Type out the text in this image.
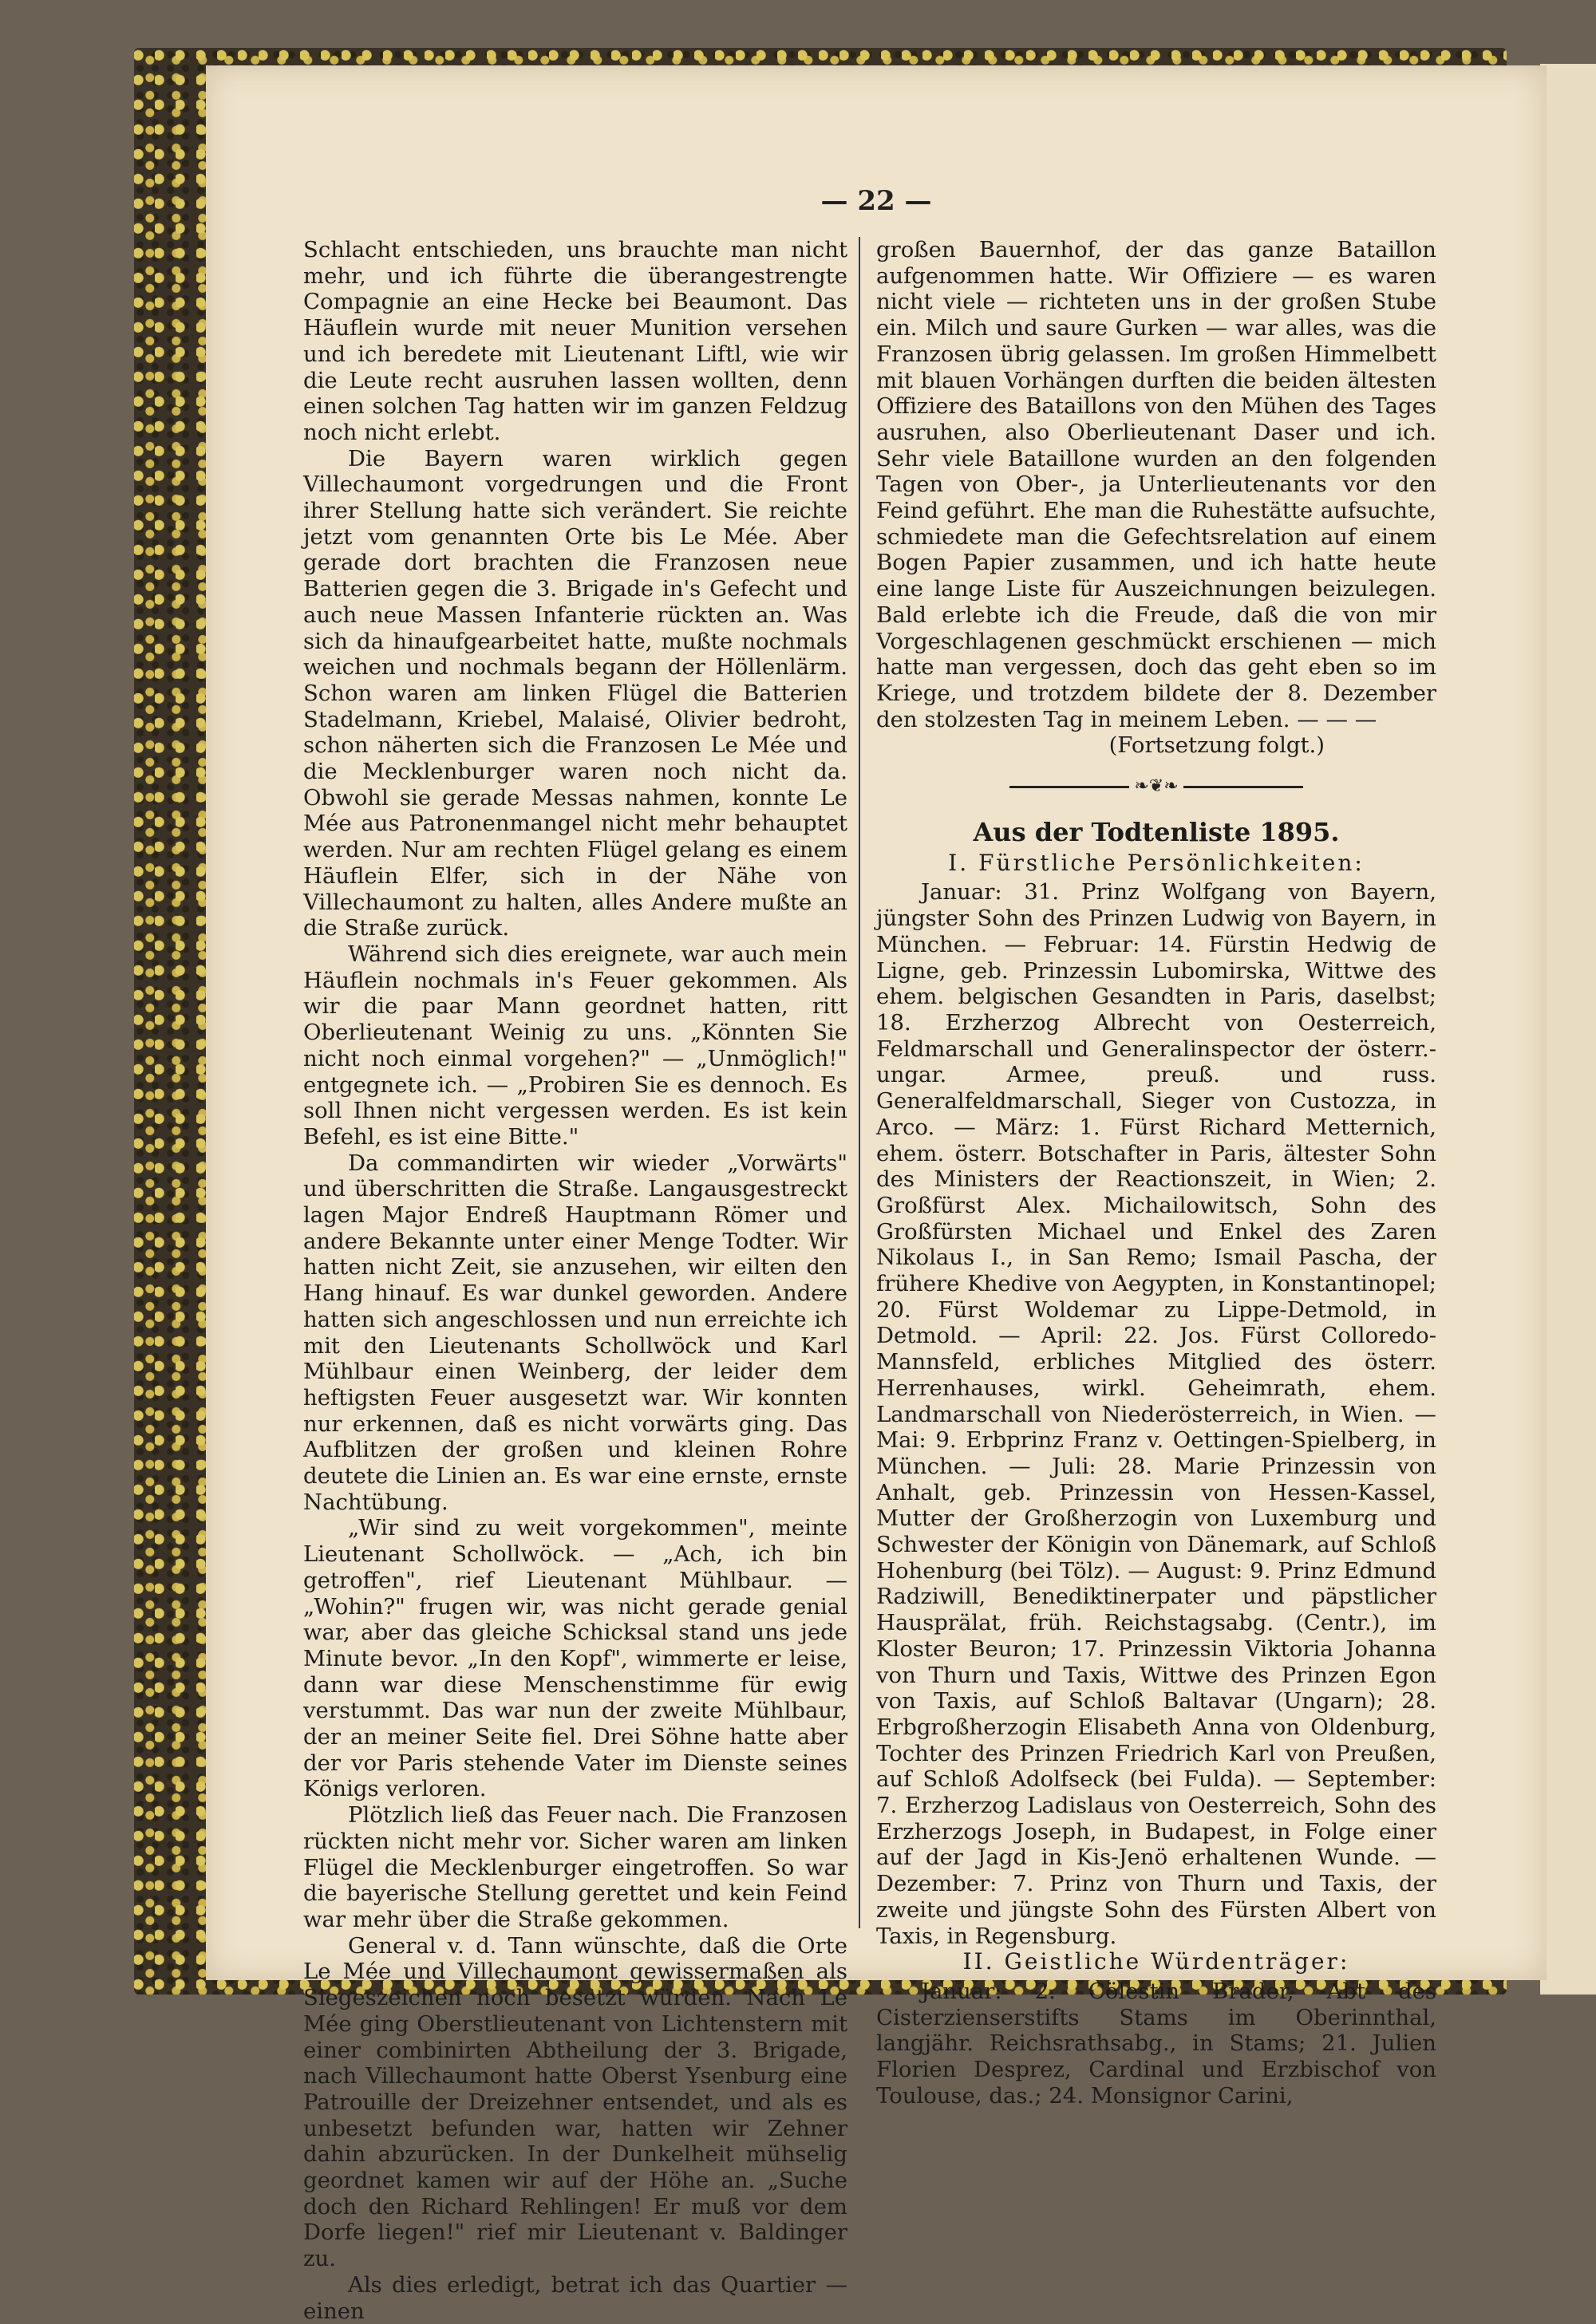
— 22 —

Schlacht entschieden, uns brauchte man nicht mehr, und ich führte die überangestrengte Compagnie an eine Hecke bei Beaumont. Das Häuflein wurde mit neuer Munition versehen und ich beredete mit Lieutenant Liftl, wie wir die Leute recht ausruhen lassen wollten, denn einen solchen Tag hatten wir im ganzen Feldzug noch nicht erlebt.

Die Bayern waren wirklich gegen Villechaumont vorgedrungen und die Front ihrer Stellung hatte sich verändert. Sie reichte jetzt vom genannten Orte bis Le Mée. Aber gerade dort brachten die Franzosen neue Batterien gegen die 3. Brigade in's Gefecht und auch neue Massen Infanterie rückten an. Was sich da hinaufgearbeitet hatte, mußte nochmals weichen und nochmals begann der Höllenlärm. Schon waren am linken Flügel die Batterien Stadelmann, Kriebel, Malaisé, Olivier bedroht, schon näherten sich die Franzosen Le Mée und die Mecklenburger waren noch nicht da. Obwohl sie gerade Messas nahmen, konnte Le Mée aus Patronenmangel nicht mehr behauptet werden. Nur am rechten Flügel gelang es einem Häuflein Elfer, sich in der Nähe von Villechaumont zu halten, alles Andere mußte an die Straße zurück.

Während sich dies ereignete, war auch mein Häuflein nochmals in's Feuer gekommen. Als wir die paar Mann geordnet hatten, ritt Oberlieutenant Weinig zu uns. „Könnten Sie nicht noch einmal vorgehen?" — „Unmöglich!" entgegnete ich. — „Probiren Sie es dennoch. Es soll Ihnen nicht vergessen werden. Es ist kein Befehl, es ist eine Bitte."

Da commandirten wir wieder „Vorwärts" und überschritten die Straße. Langausgestreckt lagen Major Endreß Hauptmann Römer und andere Bekannte unter einer Menge Todter. Wir hatten nicht Zeit, sie anzusehen, wir eilten den Hang hinauf. Es war dunkel geworden. Andere hatten sich angeschlossen und nun erreichte ich mit den Lieutenants Schollwöck und Karl Mühlbaur einen Weinberg, der leider dem heftigsten Feuer ausgesetzt war. Wir konnten nur erkennen, daß es nicht vorwärts ging. Das Aufblitzen der großen und kleinen Rohre deutete die Linien an. Es war eine ernste, ernste Nachtübung.

„Wir sind zu weit vorgekommen", meinte Lieutenant Schollwöck. — „Ach, ich bin getroffen", rief Lieutenant Mühlbaur. — „Wohin?" frugen wir, was nicht gerade genial war, aber das gleiche Schicksal stand uns jede Minute bevor. „In den Kopf", wimmerte er leise, dann war diese Menschenstimme für ewig verstummt. Das war nun der zweite Mühlbaur, der an meiner Seite fiel. Drei Söhne hatte aber der vor Paris stehende Vater im Dienste seines Königs verloren.

Plötzlich ließ das Feuer nach. Die Franzosen rückten nicht mehr vor. Sicher waren am linken Flügel die Mecklenburger eingetroffen. So war die bayerische Stellung gerettet und kein Feind war mehr über die Straße gekommen.

General v. d. Tann wünschte, daß die Orte Le Mée und Villechaumont gewissermaßen als Siegeszeichen noch besetzt würden. Nach Le Mée ging Oberstlieutenant von Lichtenstern mit einer combinirten Abtheilung der 3. Brigade, nach Villechaumont hatte Oberst Ysenburg eine Patrouille der Dreizehner entsendet, und als es unbesetzt befunden war, hatten wir Zehner dahin abzurücken. In der Dunkelheit mühselig geordnet kamen wir auf der Höhe an. „Suche doch den Richard Rehlingen! Er muß vor dem Dorfe liegen!" rief mir Lieutenant v. Baldinger zu.

Als dies erledigt, betrat ich das Quartier — einen

großen Bauernhof, der das ganze Bataillon aufgenommen hatte. Wir Offiziere — es waren nicht viele — richteten uns in der großen Stube ein. Milch und saure Gurken — war alles, was die Franzosen übrig gelassen. Im großen Himmelbett mit blauen Vorhängen durften die beiden ältesten Offiziere des Bataillons von den Mühen des Tages ausruhen, also Oberlieutenant Daser und ich. Sehr viele Bataillone wurden an den folgenden Tagen von Ober-, ja Unterlieutenants vor den Feind geführt. Ehe man die Ruhestätte aufsuchte, schmiedete man die Gefechtsrelation auf einem Bogen Papier zusammen, und ich hatte heute eine lange Liste für Auszeichnungen beizulegen. Bald erlebte ich die Freude, daß die von mir Vorgeschlagenen geschmückt erschienen — mich hatte man vergessen, doch das geht eben so im Kriege, und trotzdem bildete der 8. Dezember den stolzesten Tag in meinem Leben. — — —

(Fortsetzung folgt.)

❧❦❧
Aus der Todtenliste 1895.
I. Fürstliche Persönlichkeiten:

Januar: 31. Prinz Wolfgang von Bayern, jüngster Sohn des Prinzen Ludwig von Bayern, in München. — Februar: 14. Fürstin Hedwig de Ligne, geb. Prinzessin Lubomirska, Wittwe des ehem. belgischen Gesandten in Paris, daselbst; 18. Erzherzog Albrecht von Oesterreich, Feldmarschall und Generalinspector der österr.-ungar. Armee, preuß. und russ. Generalfeldmarschall, Sieger von Custozza, in Arco. — März: 1. Fürst Richard Metternich, ehem. österr. Botschafter in Paris, ältester Sohn des Ministers der Reactionszeit, in Wien; 2. Großfürst Alex. Michailowitsch, Sohn des Großfürsten Michael und Enkel des Zaren Nikolaus I., in San Remo; Ismail Pascha, der frühere Khedive von Aegypten, in Konstantinopel; 20. Fürst Woldemar zu Lippe-Detmold, in Detmold. — April: 22. Jos. Fürst Colloredo-Mannsfeld, erbliches Mitglied des österr. Herrenhauses, wirkl. Geheimrath, ehem. Landmarschall von Niederösterreich, in Wien. — Mai: 9. Erbprinz Franz v. Oettingen-Spielberg, in München. — Juli: 28. Marie Prinzessin von Anhalt, geb. Prinzessin von Hessen-Kassel, Mutter der Großherzogin von Luxemburg und Schwester der Königin von Dänemark, auf Schloß Hohenburg (bei Tölz). — August: 9. Prinz Edmund Radziwill, Benediktinerpater und päpstlicher Hausprälat, früh. Reichstagsabg. (Centr.), im Kloster Beuron; 17. Prinzessin Viktoria Johanna von Thurn und Taxis, Wittwe des Prinzen Egon von Taxis, auf Schloß Baltavar (Ungarn); 28. Erbgroßherzogin Elisabeth Anna von Oldenburg, Tochter des Prinzen Friedrich Karl von Preußen, auf Schloß Adolfseck (bei Fulda). — September: 7. Erzherzog Ladislaus von Oesterreich, Sohn des Erzherzogs Joseph, in Budapest, in Folge einer auf der Jagd in Kis-Jenö erhaltenen Wunde. — Dezember: 7. Prinz von Thurn und Taxis, der zweite und jüngste Sohn des Fürsten Albert von Taxis, in Regensburg.

II. Geistliche Würdenträger:

Januar: 2. Cölestin Brader, Abt des Cisterzienserstifts Stams im Oberinnthal, langjähr. Reichsrathsabg., in Stams; 21. Julien Florien Desprez, Cardinal und Erzbischof von Toulouse, das.; 24. Monsignor Carini,
